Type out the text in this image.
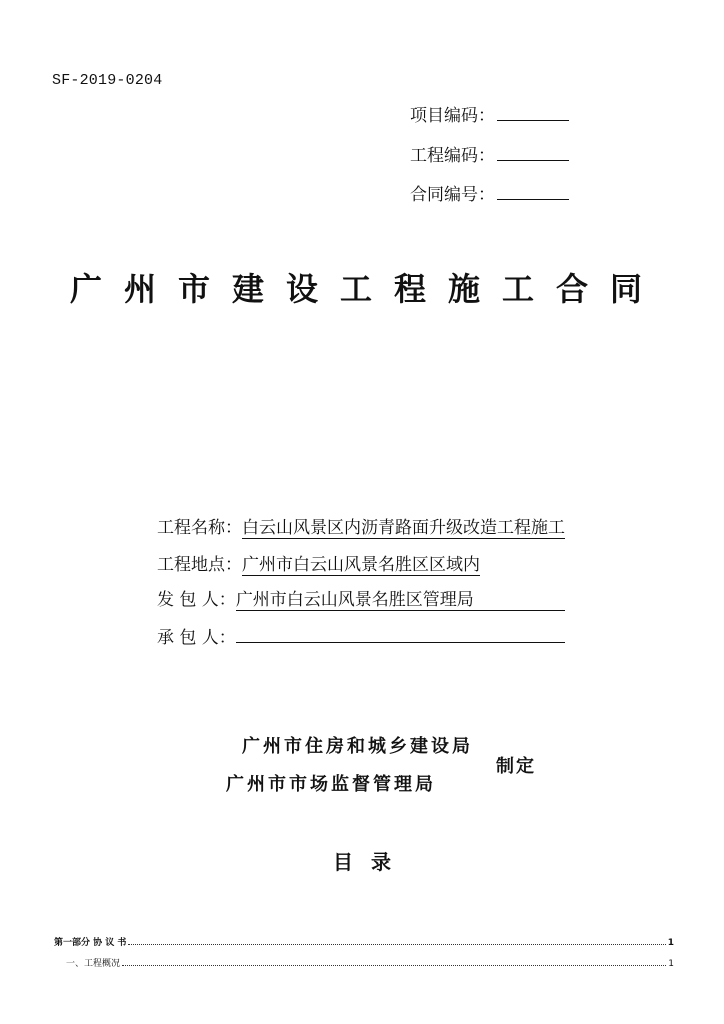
SF-2019-0204
项目编码：
工程编码：
合同编号：
广州市建设工程施工合同
工程名称：白云山风景区内沥青路面升级改造工程施工
工程地点：广州市白云山风景名胜区区域内
发 包 人：广州市白云山风景名胜区管理局
承 包 人：
广州市住房和城乡建设局
广州市市场监督管理局
制定
目录
第一部分 协 议 书	1
一、工程概况	1
